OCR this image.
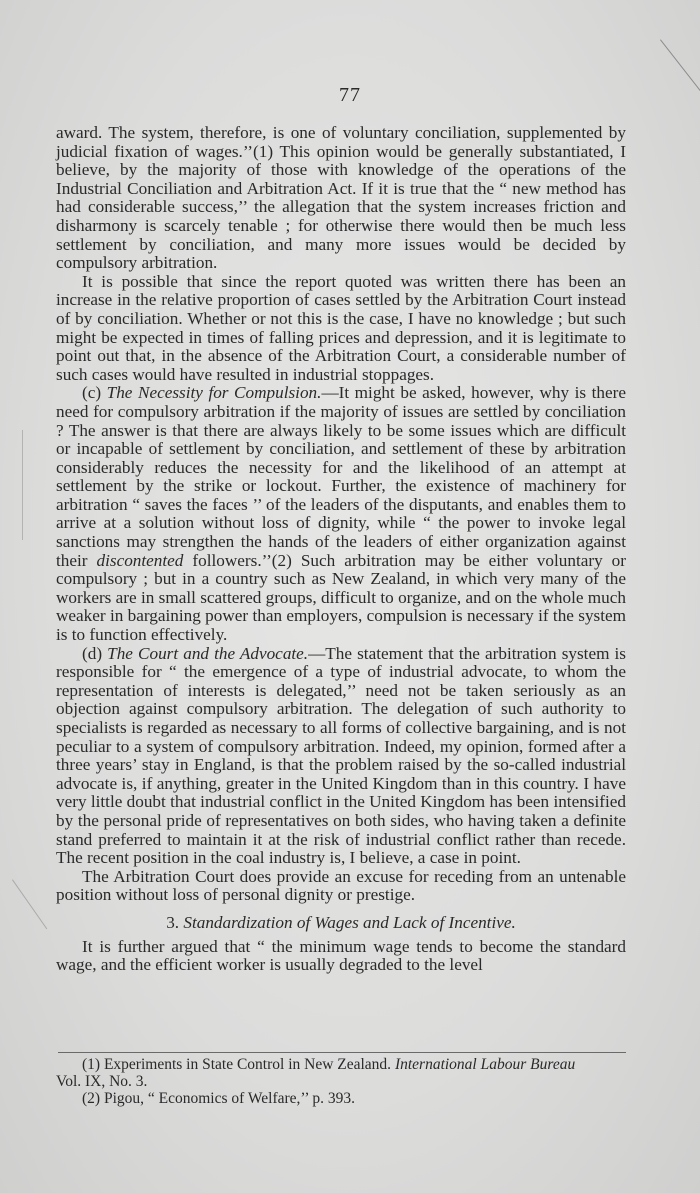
77

award. The system, therefore, is one of voluntary conciliation, supplemented by judicial fixation of wages.’’(1) This opinion would be generally substantiated, I believe, by the majority of those with knowledge of the operations of the Industrial Conciliation and Arbitration Act. If it is true that the “ new method has had considerable success,’’ the allegation that the system increases friction and disharmony is scarcely tenable ; for otherwise there would then be much less settlement by conciliation, and many more issues would be decided by compulsory arbitration.

It is possible that since the report quoted was written there has been an increase in the relative proportion of cases settled by the Arbitration Court instead of by conciliation. Whether or not this is the case, I have no knowledge ; but such might be expected in times of falling prices and depression, and it is legitimate to point out that, in the absence of the Arbitration Court, a considerable number of such cases would have resulted in industrial stoppages.

(c) The Necessity for Compulsion.—It might be asked, however, why is there need for compulsory arbitration if the majority of issues are settled by conciliation ? The answer is that there are always likely to be some issues which are difficult or incapable of settlement by conciliation, and settlement of these by arbitration considerably reduces the necessity for and the likelihood of an attempt at settlement by the strike or lockout. Further, the existence of machinery for arbitration “ saves the faces ’’ of the leaders of the disputants, and enables them to arrive at a solution without loss of dignity, while “ the power to invoke legal sanctions may strengthen the hands of the leaders of either organization against their discontented followers.’’(2) Such arbitration may be either voluntary or compulsory ; but in a country such as New Zealand, in which very many of the workers are in small scattered groups, difficult to organize, and on the whole much weaker in bargaining power than employers, compulsion is necessary if the system is to function effectively.

(d) The Court and the Advocate.—The statement that the arbitration system is responsible for “ the emergence of a type of industrial advocate, to whom the representation of interests is delegated,’’ need not be taken seriously as an objection against compulsory arbitration. The delegation of such authority to specialists is regarded as necessary to all forms of collective bargaining, and is not peculiar to a system of compulsory arbitration. Indeed, my opinion, formed after a three years’ stay in England, is that the problem raised by the so-called industrial advocate is, if anything, greater in the United Kingdom than in this country. I have very little doubt that industrial conflict in the United Kingdom has been intensified by the personal pride of representatives on both sides, who having taken a definite stand preferred to maintain it at the risk of industrial conflict rather than recede. The recent position in the coal industry is, I believe, a case in point.

The Arbitration Court does provide an excuse for receding from an untenable position without loss of personal dignity or prestige.

3. Standardization of Wages and Lack of Incentive.

It is further argued that “ the minimum wage tends to become the standard wage, and the efficient worker is usually degraded to the level

(1) Experiments in State Control in New Zealand. International Labour Bureau

Vol. IX, No. 3.

(2) Pigou, “ Economics of Welfare,’’ p. 393.
